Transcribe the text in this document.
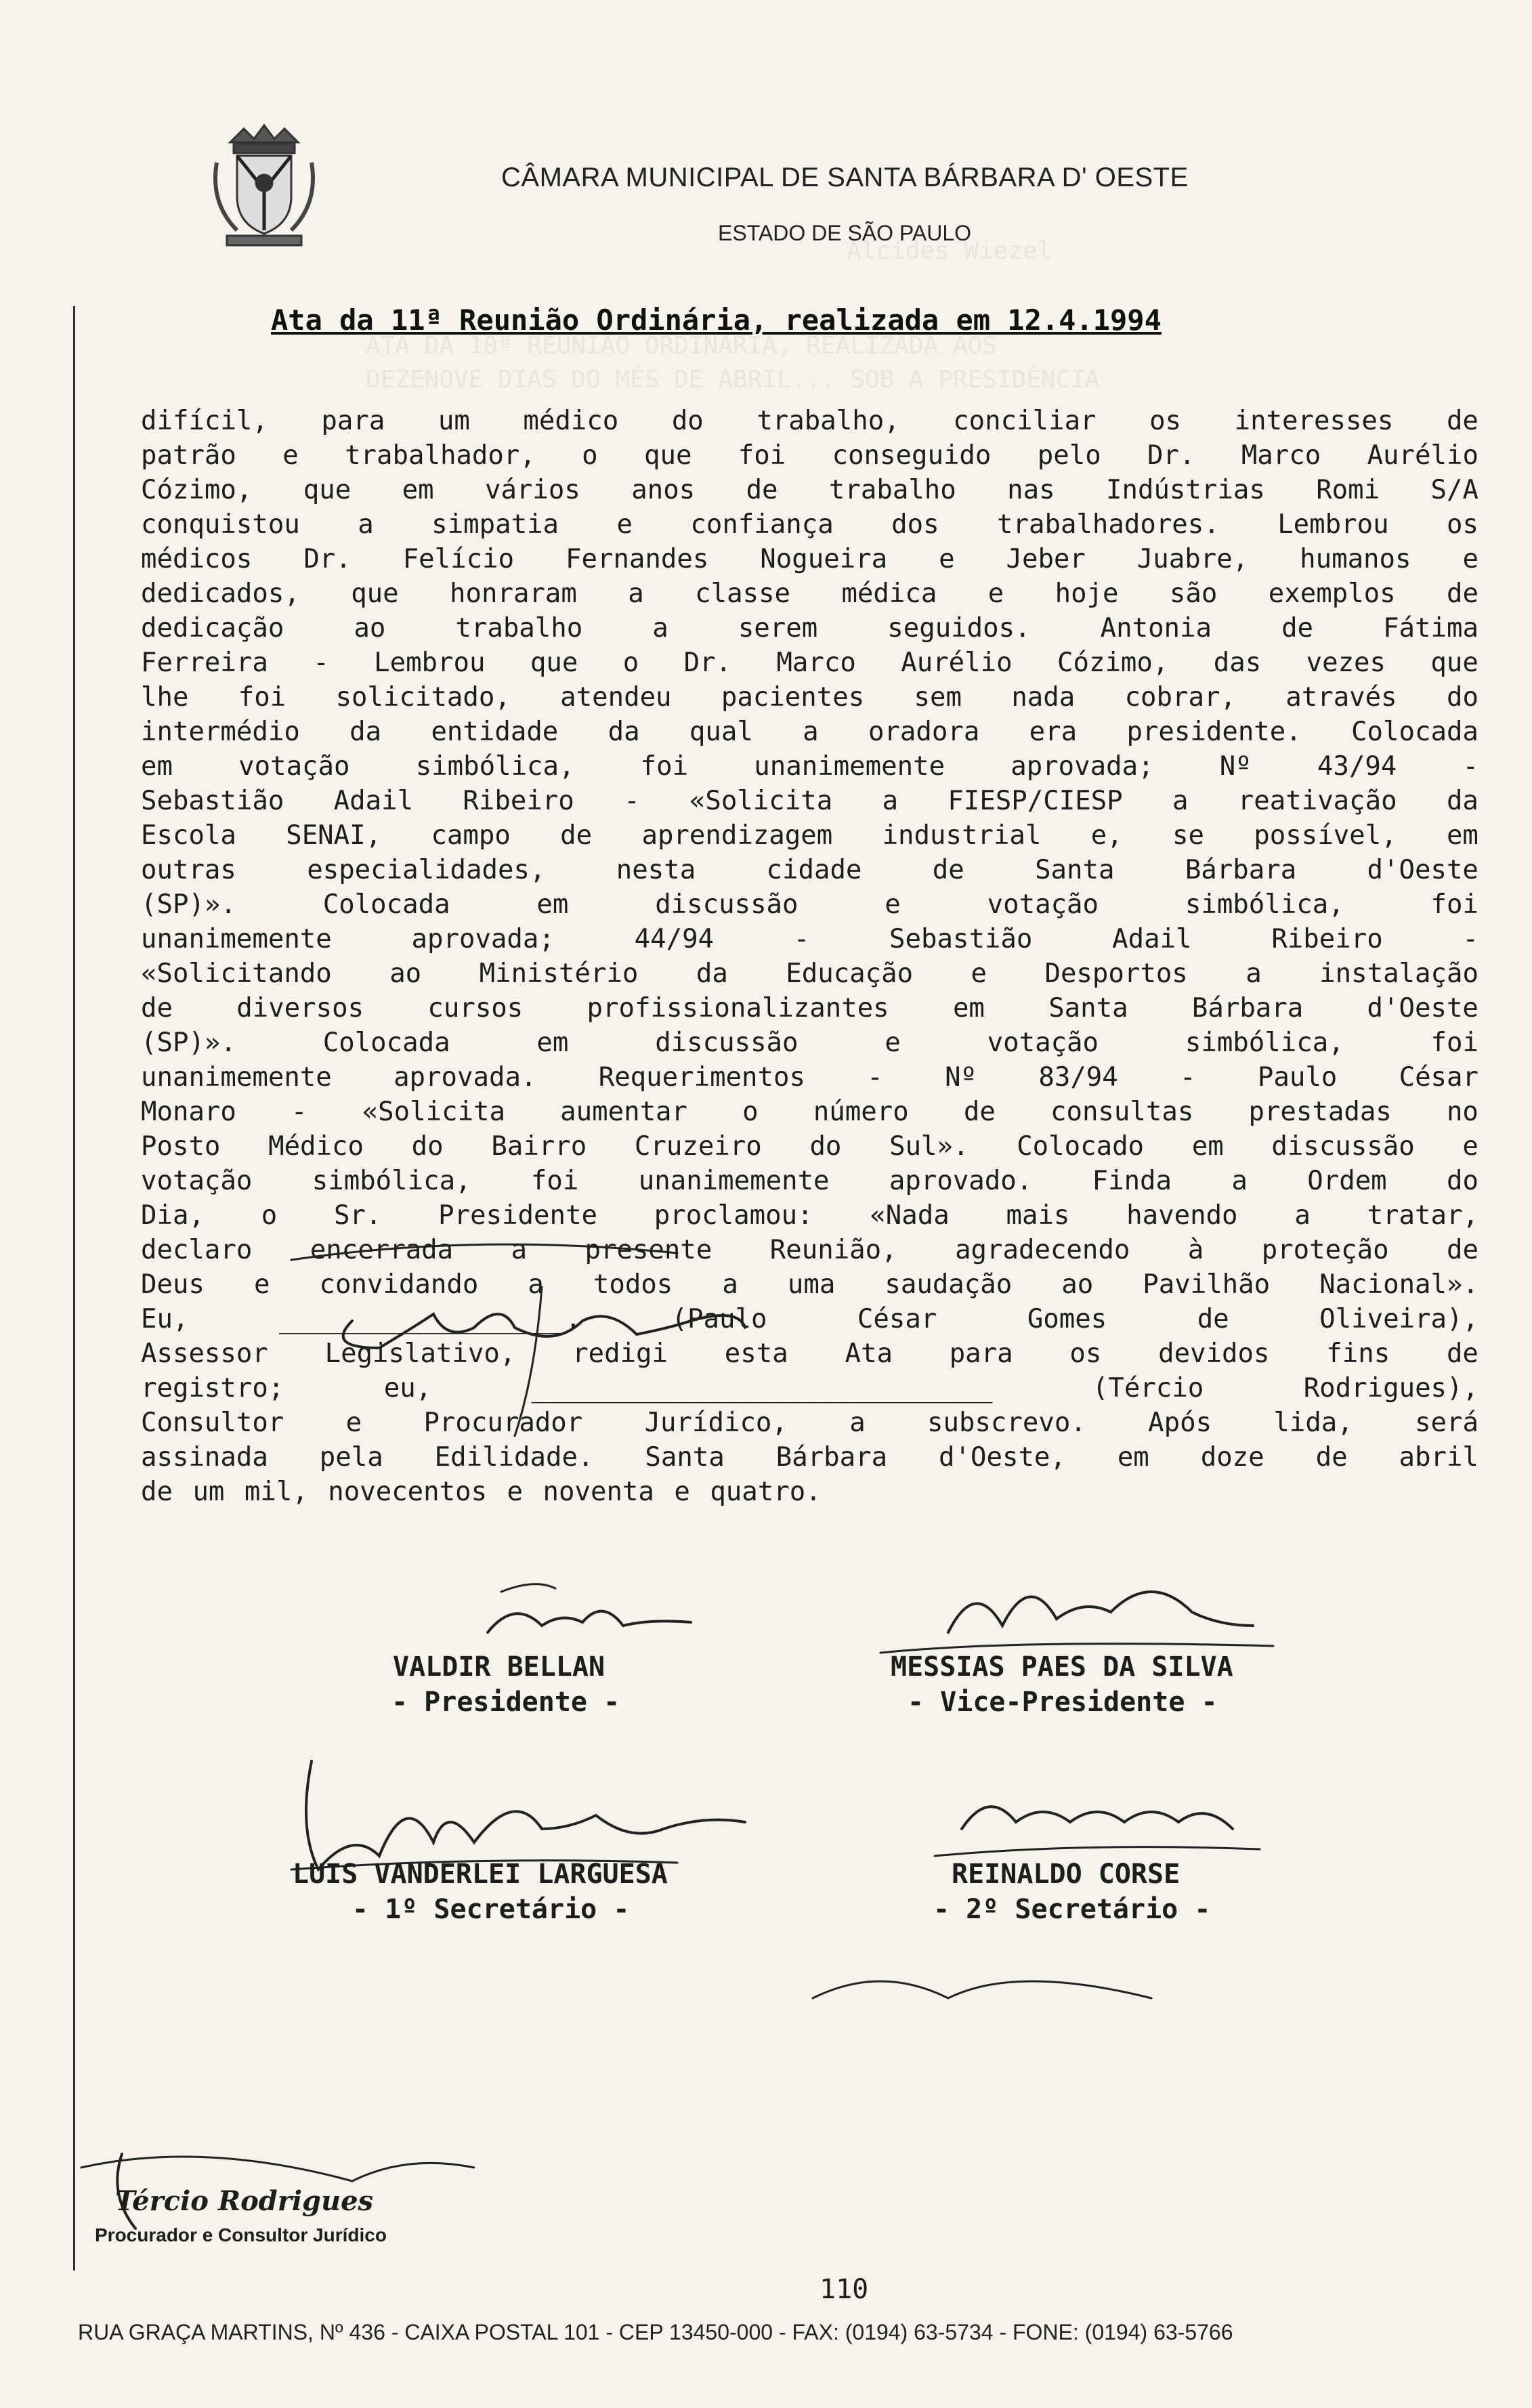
Alcides Wiezel
ATA DA 10ª REUNIÃO ORDINÁRIA, REALIZADA AOS
DEZENOVE DIAS DO MÊS DE ABRIL... SOB A PRESIDÊNCIA
CÂMARA MUNICIPAL DE SANTA BÁRBARA D' OESTE
ESTADO DE SÃO PAULO
Ata da 11ª Reunião Ordinária, realizada em 12.4.1994
difícil, para um médico do trabalho, conciliar os interesses de
patrão e trabalhador, o que foi conseguido pelo Dr. Marco Aurélio
Cózimo, que em vários anos de trabalho nas Indústrias Romi S/A
conquistou a simpatia e confiança dos trabalhadores. Lembrou os
médicos Dr. Felício Fernandes Nogueira e Jeber Juabre, humanos e
dedicados, que honraram a classe médica e hoje são exemplos de
dedicação	ao	trabalho	a	serem	seguidos.	Antonia	de	Fátima
Ferreira - Lembrou que o Dr. Marco Aurélio Cózimo, das vezes que
lhe foi solicitado, atendeu pacientes sem nada cobrar, através do
intermédio da entidade da qual a oradora era presidente. Colocada
em votação simbólica, foi unanimemente aprovada; Nº 43/94 -
Sebastião Adail Ribeiro - «Solicita a FIESP/CIESP a reativação da
Escola SENAI, campo de aprendizagem industrial e, se possível, em
outras	especialidades,	nesta	cidade	de	Santa	Bárbara	d'Oeste
(SP)».	Colocada	em	discussão	e	votação	simbólica,	foi
unanimemente	aprovada;	44/94	-	Sebastião	Adail	Ribeiro	-
«Solicitando ao Ministério da Educação e Desportos a instalação
de diversos cursos profissionalizantes em Santa Bárbara d'Oeste
(SP)».	Colocada	em	discussão	e	votação	simbólica,	foi
unanimemente aprovada. Requerimentos - Nº 83/94 - Paulo César
Monaro - «Solicita aumentar o número de consultas prestadas no
Posto Médico do Bairro Cruzeiro do Sul». Colocado em discussão e
votação simbólica, foi unanimemente aprovado. Finda a Ordem do
Dia, o Sr. Presidente proclamou: «Nada mais havendo a tratar,
declaro encerrada a presente Reunião, agradecendo à proteção de
Deus e convidando a todos a uma saudação ao Pavilhão Nacional».
Eu,	__________________.	(Paulo	César	Gomes	de	Oliveira),
Assessor Legislativo, redigi esta Ata para os devidos fins de
registro;	eu,	_____________________________	(Tércio	Rodrigues),
Consultor e Procurador Jurídico, a subscrevo. Após lida, será
assinada pela Edilidade. Santa Bárbara d'Oeste, em doze de abril
de um mil, novecentos e noventa e quatro.
VALDIR BELLAN
- Presidente -
MESSIAS PAES DA SILVA
- Vice-Presidente -
LUIS VANDERLEI LARGUESA
- 1º Secretário -
REINALDO CORSE
- 2º Secretário -
Tércio Rodrigues
Procurador e Consultor Jurídico
110
RUA GRAÇA MARTINS, Nº 436 - CAIXA POSTAL 101 - CEP 13450-000 - FAX: (0194) 63-5734 - FONE: (0194) 63-5766
